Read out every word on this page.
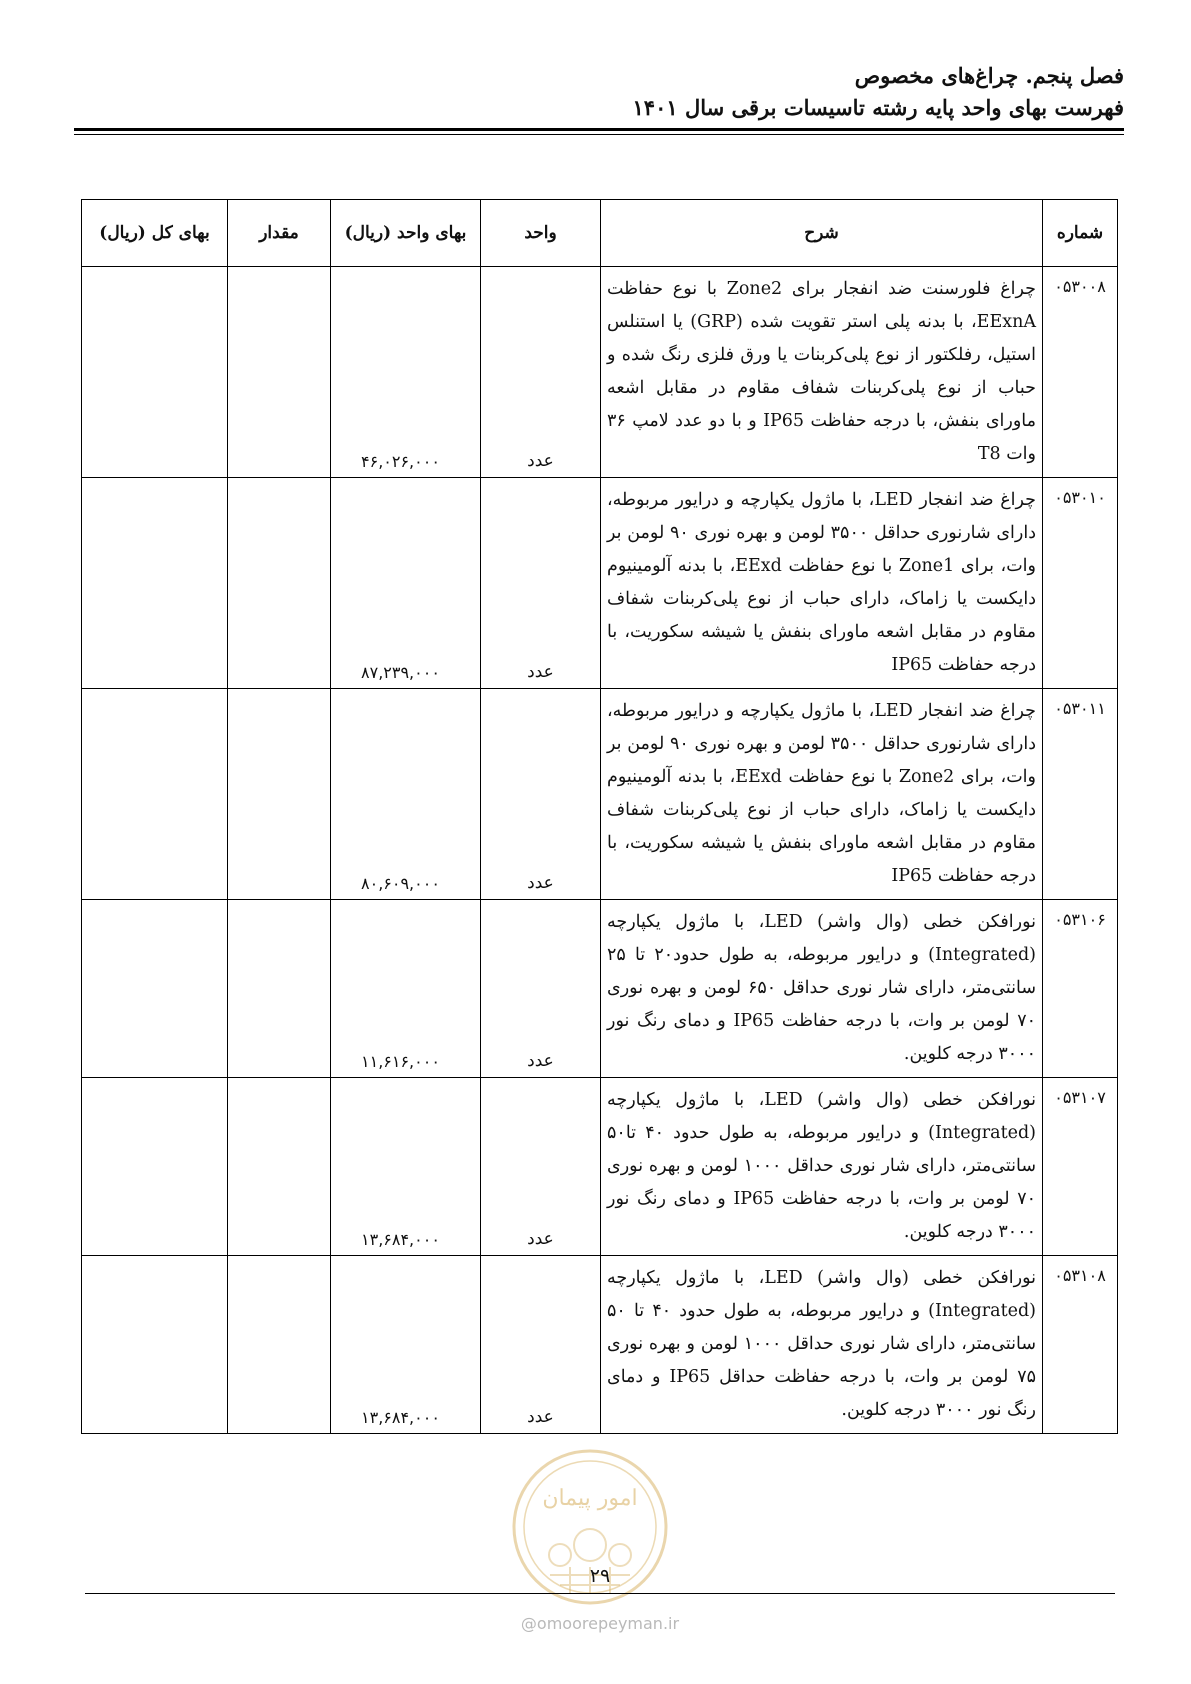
فصل پنجم. چراغ‌های مخصوص
فهرست بهای واحد پایه رشته تاسیسات برقی سال ۱۴۰۱
شماره	شرح	واحد	بهای واحد (ریال)	مقدار	بهای کل (ریال)
۰۵۳۰۰۸	چراغ فلورسنت ضد انفجار برای Zone2 با نوع حفاظت EExnA، با بدنه پلی استر تقویت شده (GRP) یا استنلس استیل، رفلکتور از نوع پلی‌کربنات یا ورق فلزی رنگ شده و حباب از نوع پلی‌کربنات شفاف مقاوم در مقابل اشعه ماورای بنفش، با درجه حفاظت IP65 و با دو عدد لامپ ۳۶ وات T8	عدد	۴۶,۰۲۶,۰۰۰		
۰۵۳۰۱۰	چراغ ضد انفجار LED، با ماژول یکپارچه و درایور مربوطه، دارای شارنوری حداقل ۳۵۰۰ لومن و بهره نوری ۹۰ لومن بر وات، برای Zone1 با نوع حفاظت EExd، با بدنه آلومینیوم دایکست یا زاماک، دارای حباب از نوع پلی‌کربنات شفاف مقاوم در مقابل اشعه ماورای بنفش یا شیشه سکوریت، با درجه حفاظت IP65	عدد	۸۷,۲۳۹,۰۰۰		
۰۵۳۰۱۱	چراغ ضد انفجار LED، با ماژول یکپارچه و درایور مربوطه، دارای شارنوری حداقل ۳۵۰۰ لومن و بهره نوری ۹۰ لومن بر وات، برای Zone2 با نوع حفاظت EExd، با بدنه آلومینیوم دایکست یا زاماک، دارای حباب از نوع پلی‌کربنات شفاف مقاوم در مقابل اشعه ماورای بنفش یا شیشه سکوریت، با درجه حفاظت IP65	عدد	۸۰,۶۰۹,۰۰۰		
۰۵۳۱۰۶	نورافکن خطی (وال واشر) LED، با ماژول یکپارچه (Integrated) و درایور مربوطه، به طول حدود۲۰ تا ۲۵ سانتی‌متر، دارای شار نوری حداقل ۶۵۰ لومن و بهره نوری ۷۰ لومن بر وات، با درجه حفاظت IP65 و دمای رنگ نور ۳۰۰۰ درجه کلوین.	عدد	۱۱,۶۱۶,۰۰۰		
۰۵۳۱۰۷	نورافکن خطی (وال واشر) LED، با ماژول یکپارچه (Integrated) و درایور مربوطه، به طول حدود ۴۰ تا۵۰ سانتی‌متر، دارای شار نوری حداقل ۱۰۰۰ لومن و بهره نوری ۷۰ لومن بر وات، با درجه حفاظت IP65 و دمای رنگ نور ۳۰۰۰ درجه کلوین.	عدد	۱۳,۶۸۴,۰۰۰		
۰۵۳۱۰۸	نورافکن خطی (وال واشر) LED، با ماژول یکپارچه (Integrated) و درایور مربوطه، به طول حدود ۴۰ تا ۵۰ سانتی‌متر، دارای شار نوری حداقل ۱۰۰۰ لومن و بهره نوری ۷۵ لومن بر وات، با درجه حفاظت حداقل IP65 و دمای رنگ نور ۳۰۰۰ درجه کلوین.	عدد	۱۳,۶۸۴,۰۰۰		
امور پیمان
۲۹
@omoorepeyman.ir
